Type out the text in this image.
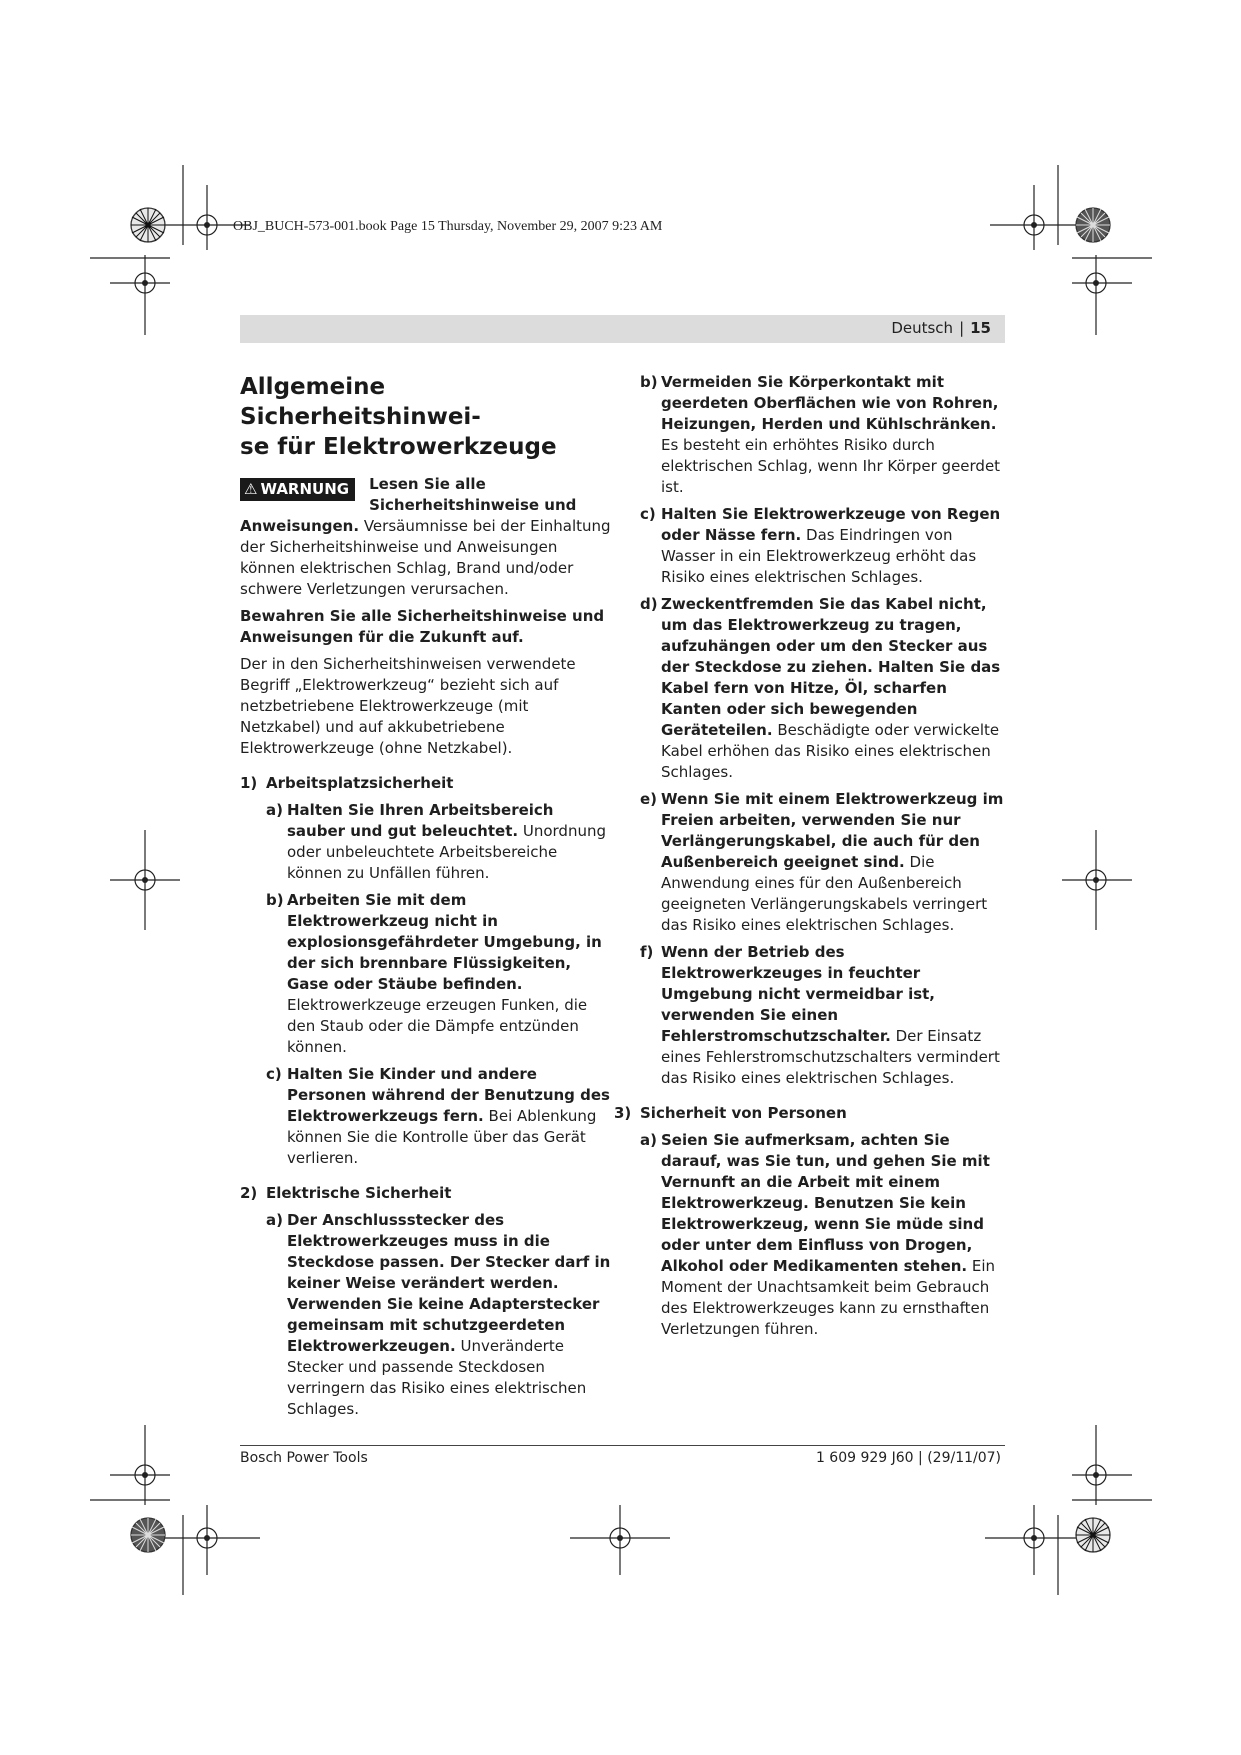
OBJ_BUCH-573-001.book Page 15 Thursday, November 29, 2007 9:23 AM
Deutsch | 15
Allgemeine Sicherheitshinwei-
se für Elektrowerkzeuge
⚠ WARNUNG	Lesen Sie alle Sicherheitshinweise und Anweisungen. Versäumnisse bei der Einhaltung der Sicherheitshinweise und Anweisungen können elektrischen Schlag, Brand und/oder schwere Verletzungen verursachen.

Bewahren Sie alle Sicherheitshinweise und Anweisungen für die Zukunft auf.

Der in den Sicherheitshinweisen verwendete Begriff „Elektrowerkzeug“ bezieht sich auf netzbetriebene Elektrowerkzeuge (mit Netzkabel) und auf akkubetriebene Elektrowerkzeuge (ohne Netzkabel).

1) Arbeitsplatzsicherheit
a) Halten Sie Ihren Arbeitsbereich sauber und gut beleuchtet. Unordnung oder unbeleuchtete Arbeitsbereiche können zu Unfällen führen.
b) Arbeiten Sie mit dem Elektrowerkzeug nicht in explosionsgefährdeter Umgebung, in der sich brennbare Flüssigkeiten, Gase oder Stäube befinden. Elektrowerkzeuge erzeugen Funken, die den Staub oder die Dämpfe entzünden können.
c) Halten Sie Kinder und andere Personen während der Benutzung des Elektrowerkzeugs fern. Bei Ablenkung können Sie die Kontrolle über das Gerät verlieren.
2) Elektrische Sicherheit
a) Der Anschlussstecker des Elektrowerkzeuges muss in die Steckdose passen. Der Stecker darf in keiner Weise verändert werden. Verwenden Sie keine Adapterstecker gemeinsam mit schutzgeerdeten Elektrowerkzeugen. Unveränderte Stecker und passende Steckdosen verringern das Risiko eines elektrischen Schlages.
b) Vermeiden Sie Körperkontakt mit geerdeten Oberflächen wie von Rohren, Heizungen, Herden und Kühlschränken. Es besteht ein erhöhtes Risiko durch elektrischen Schlag, wenn Ihr Körper geerdet ist.
c) Halten Sie Elektrowerkzeuge von Regen oder Nässe fern. Das Eindringen von Wasser in ein Elektrowerkzeug erhöht das Risiko eines elektrischen Schlages.
d) Zweckentfremden Sie das Kabel nicht, um das Elektrowerkzeug zu tragen, aufzuhängen oder um den Stecker aus der Steckdose zu ziehen. Halten Sie das Kabel fern von Hitze, Öl, scharfen Kanten oder sich bewegenden Geräteteilen. Beschädigte oder verwickelte Kabel erhöhen das Risiko eines elektrischen Schlages.
e) Wenn Sie mit einem Elektrowerkzeug im Freien arbeiten, verwenden Sie nur Verlängerungskabel, die auch für den Außenbereich geeignet sind. Die Anwendung eines für den Außenbereich geeigneten Verlängerungskabels verringert das Risiko eines elektrischen Schlages.
f) Wenn der Betrieb des Elektrowerkzeuges in feuchter Umgebung nicht vermeidbar ist, verwenden Sie einen Fehlerstromschutzschalter. Der Einsatz eines Fehlerstromschutzschalters vermindert das Risiko eines elektrischen Schlages.
3) Sicherheit von Personen
a) Seien Sie aufmerksam, achten Sie darauf, was Sie tun, und gehen Sie mit Vernunft an die Arbeit mit einem Elektrowerkzeug. Benutzen Sie kein Elektrowerkzeug, wenn Sie müde sind oder unter dem Einfluss von Drogen, Alkohol oder Medikamenten stehen. Ein Moment der Unachtsamkeit beim Gebrauch des Elektrowerkzeuges kann zu ernsthaften Verletzungen führen.
Bosch Power Tools	1 609 929 J60 | (29/11/07)
